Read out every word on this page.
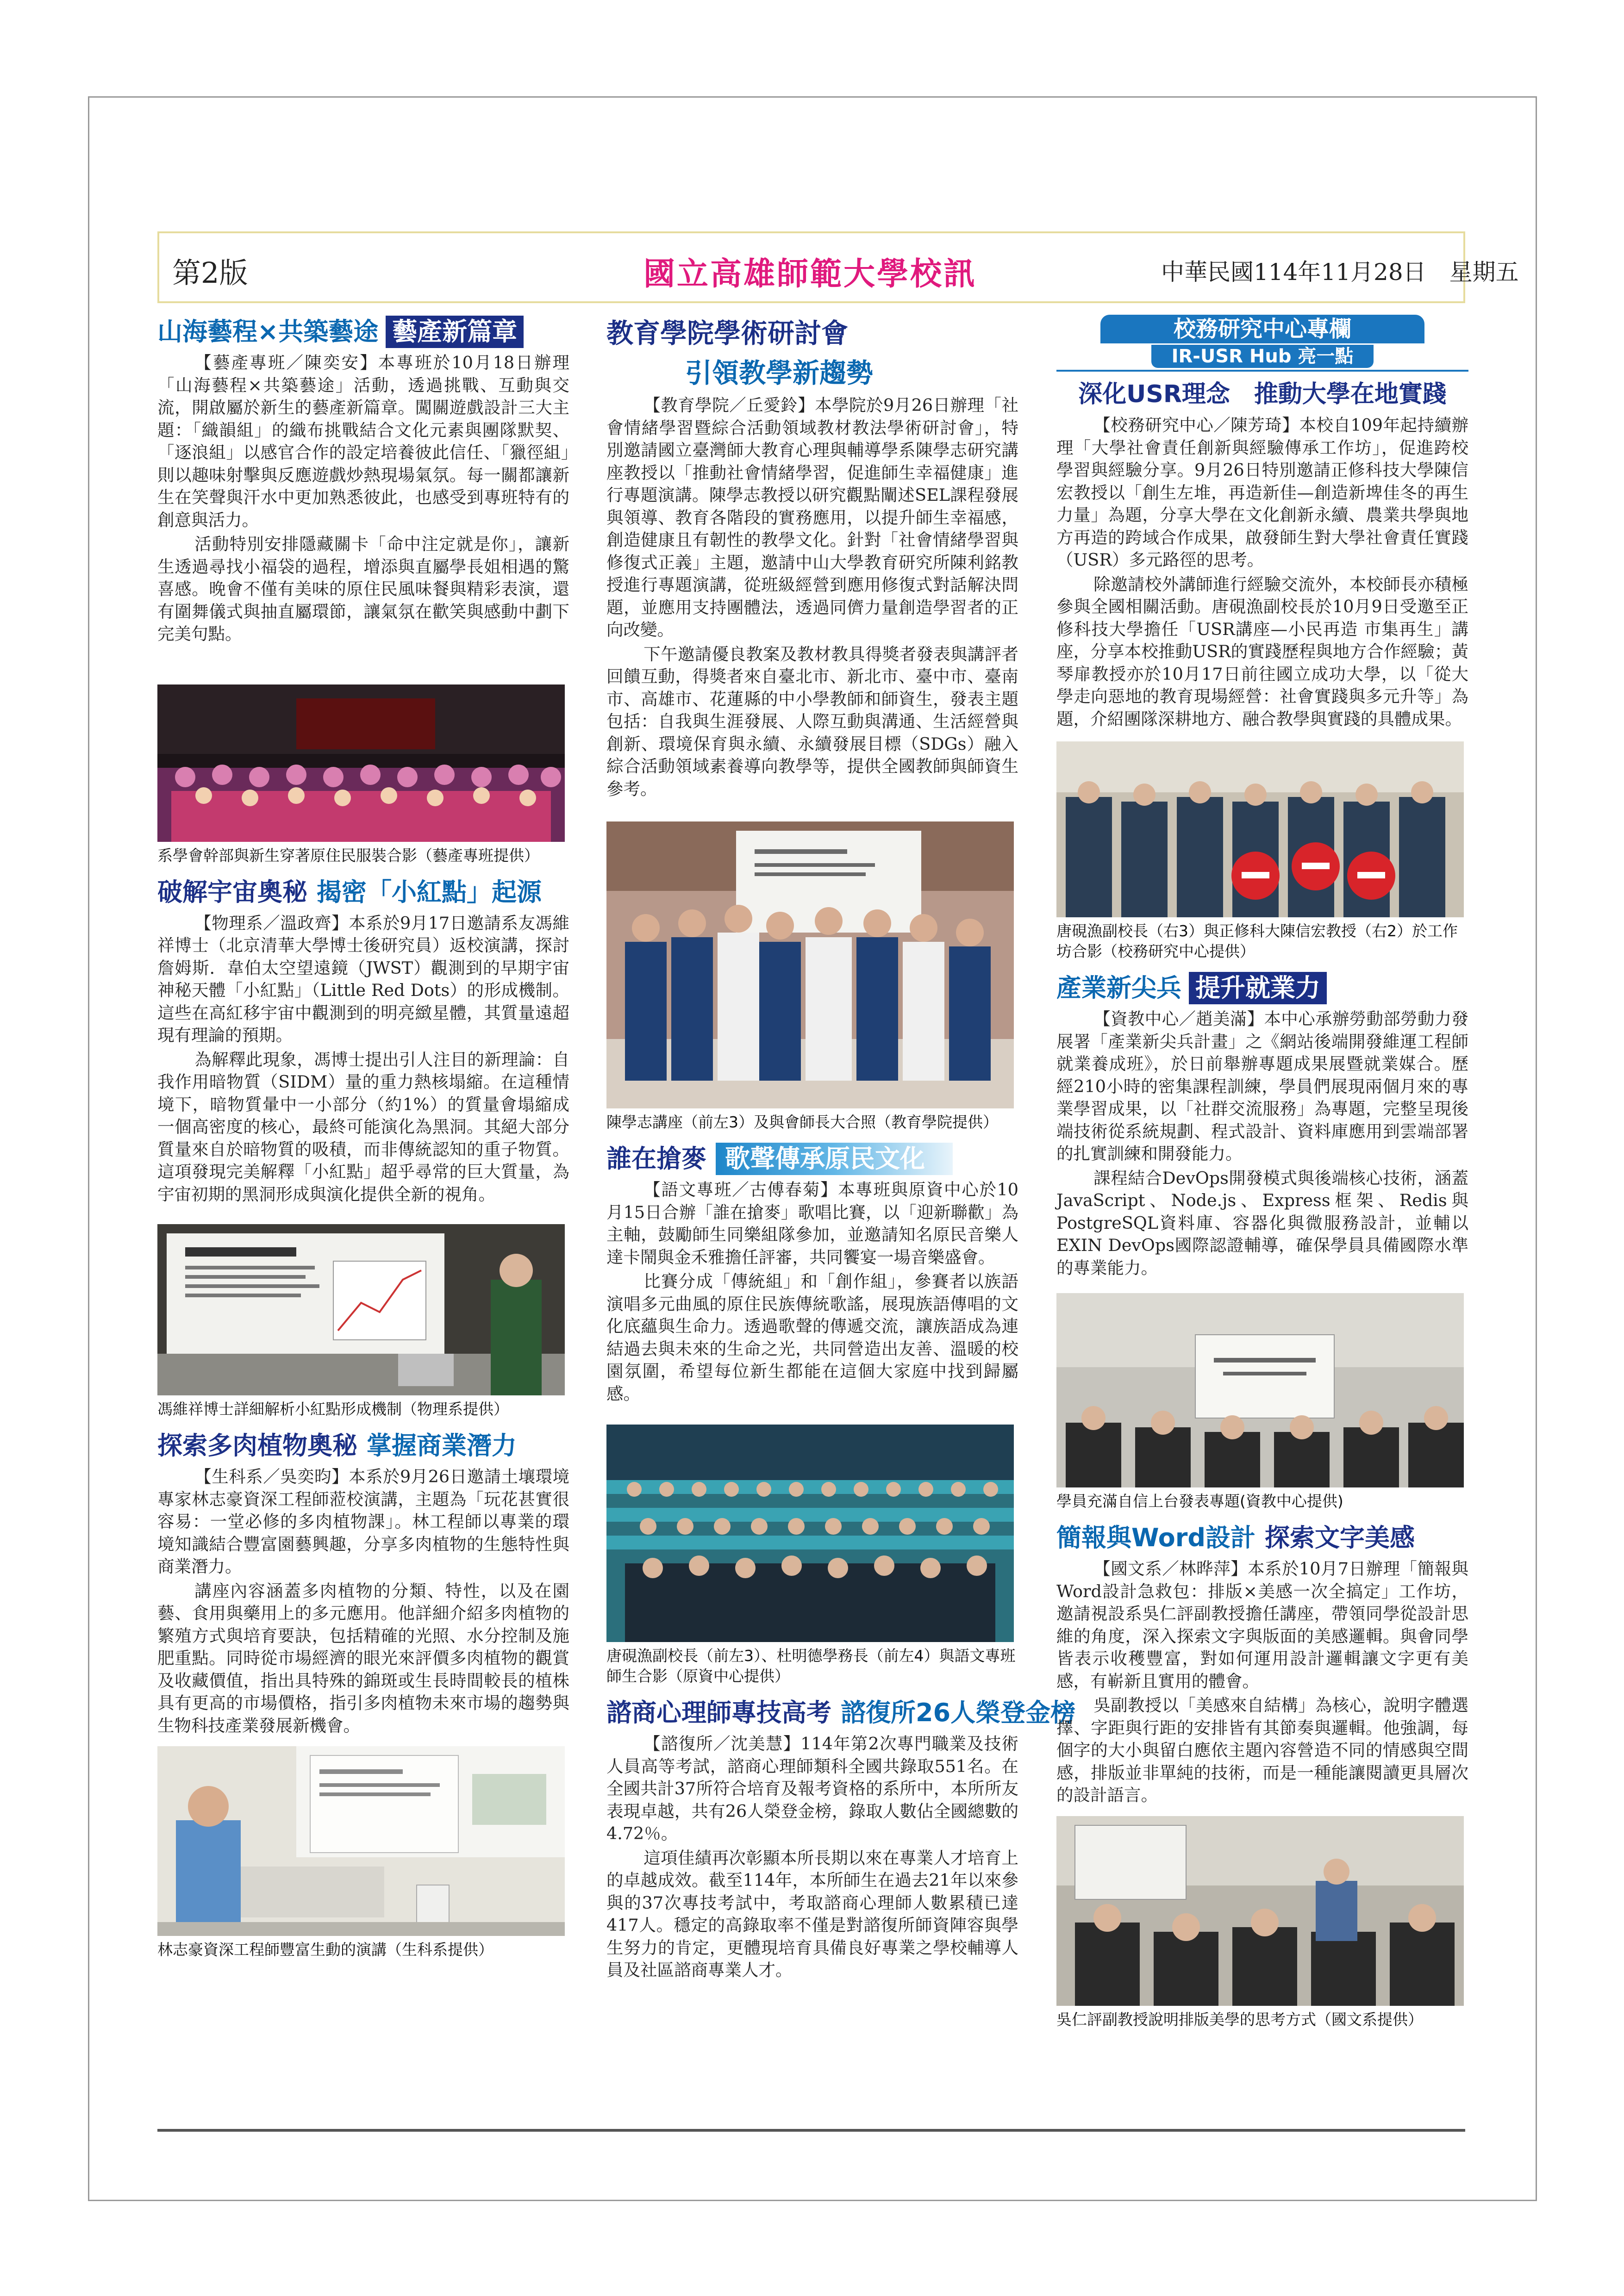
第2版	國立高雄師範大學校訊	中華民國114年11月28日　星期五
山海藝程×共築藝途 藝產新篇章

【藝產專班／陳奕安】本專班於10月18日辦理「山海藝程×共築藝途」活動，透過挑戰、互動與交流，開啟屬於新生的藝產新篇章。闖關遊戲設計三大主題：「織韻組」的織布挑戰結合文化元素與團隊默契、「逐浪組」以感官合作的設定培養彼此信任、「獵徑組」則以趣味射擊與反應遊戲炒熱現場氣氛。每一關都讓新生在笑聲與汗水中更加熟悉彼此，也感受到專班特有的創意與活力。

活動特別安排隱藏關卡「命中注定就是你」，讓新生透過尋找小福袋的過程，增添與直屬學長姐相遇的驚喜感。晚會不僅有美味的原住民風味餐與精彩表演，還有圍舞儀式與抽直屬環節，讓氣氛在歡笑與感動中劃下完美句點。

系學會幹部與新生穿著原住民服裝合影（藝產專班提供）
破解宇宙奧秘 揭密「小紅點」起源

【物理系／溫政齊】本系於9月17日邀請系友馮維祥博士（北京清華大學博士後研究員）返校演講，探討詹姆斯．韋伯太空望遠鏡（JWST）觀測到的早期宇宙神秘天體「小紅點」（Little Red Dots）的形成機制。這些在高紅移宇宙中觀測到的明亮緻星體，其質量遠超現有理論的預期。

為解釋此現象，馮博士提出引人注目的新理論：自我作用暗物質（SIDM）量的重力熱核塌縮。在這種情境下，暗物質暈中一小部分（約1%）的質量會塌縮成一個高密度的核心，最終可能演化為黑洞。其絕大部分質量來自於暗物質的吸積，而非傳統認知的重子物質。這項發現完美解釋「小紅點」超乎尋常的巨大質量，為宇宙初期的黑洞形成與演化提供全新的視角。

馮維祥博士詳細解析小紅點形成機制（物理系提供）
探索多肉植物奧秘 掌握商業潛力

【生科系／吳奕昀】本系於9月26日邀請土壤環境專家林志豪資深工程師蒞校演講，主題為「玩花甚實很容易：一堂必修的多肉植物課」。林工程師以專業的環境知識結合豐富園藝興趣，分享多肉植物的生態特性與商業潛力。

講座內容涵蓋多肉植物的分類、特性，以及在園藝、食用與藥用上的多元應用。他詳細介紹多肉植物的繁殖方式與培育要訣，包括精確的光照、水分控制及施肥重點。同時從市場經濟的眼光來評價多肉植物的觀賞及收藏價值，指出具特殊的錦斑或生長時間較長的植株具有更高的市場價格，指引多肉植物未來市場的趨勢與生物科技產業發展新機會。

林志豪資深工程師豐富生動的演講（生科系提供）
教育學院學術研討會
引領教學新趨勢

【教育學院／丘愛鈴】本學院於9月26日辦理「社會情緒學習暨綜合活動領域教材教法學術研討會」，特別邀請國立臺灣師大教育心理與輔導學系陳學志研究講座教授以「推動社會情緒學習，促進師生幸福健康」進行專題演講。陳學志教授以研究觀點闡述SEL課程發展與領導、教育各階段的實務應用，以提升師生幸福感，創造健康且有韌性的教學文化。針對「社會情緒學習與修復式正義」主題，邀請中山大學教育研究所陳利銘教授進行專題演講，從班級經營到應用修復式對話解決問題，並應用支持團體法，透過同儕力量創造學習者的正向改變。

下午邀請優良教案及教材教具得獎者發表與講評者回饋互動，得獎者來自臺北市、新北市、臺中市、臺南市、高雄市、花蓮縣的中小學教師和師資生，發表主題包括：自我與生涯發展、人際互動與溝通、生活經營與創新、環境保育與永續、永續發展目標（SDGs）融入綜合活動領域素養導向教學等，提供全國教師與師資生參考。

陳學志講座（前左3）及與會師長大合照（教育學院提供）
誰在搶麥 歌聲傳承原民文化

【語文專班／古傅春菊】本專班與原資中心於10月15日合辦「誰在搶麥」歌唱比賽，以「迎新聯歡」為主軸，鼓勵師生同樂組隊參加，並邀請知名原民音樂人達卡鬧與金禾雅擔任評審，共同饗宴一場音樂盛會。

比賽分成「傳統組」和「創作組」，參賽者以族語演唱多元曲風的原住民族傳統歌謠，展現族語傳唱的文化底蘊與生命力。透過歌聲的傳遞交流，讓族語成為連結過去與未來的生命之光，共同營造出友善、溫暖的校園氛圍，希望每位新生都能在這個大家庭中找到歸屬感。

唐硯漁副校長（前左3）、杜明德學務長（前左4）與語文專班師生合影（原資中心提供）
諮商心理師專技高考 諮復所26人榮登金榜

【諮復所／沈美慧】114年第2次專門職業及技術人員高等考試，諮商心理師類科全國共錄取551名。在全國共計37所符合培育及報考資格的系所中，本所所友表現卓越，共有26人榮登金榜，錄取人數佔全國總數的4.72％。

這項佳績再次彰顯本所長期以來在專業人才培育上的卓越成效。截至114年，本所師生在過去21年以來參與的37次專技考試中，考取諮商心理師人數累積已達417人。穩定的高錄取率不僅是對諮復所師資陣容與學生努力的肯定，更體現培育具備良好專業之學校輔導人員及社區諮商專業人才。

校務研究中心專欄
IR-USR Hub 亮一點
深化USR理念　推動大學在地實踐

【校務研究中心／陳芳琦】本校自109年起持續辦理「大學社會責任創新與經驗傳承工作坊」，促進跨校學習與經驗分享。9月26日特別邀請正修科技大學陳信宏教授以「創生左堆，再造新佳—創造新埤佳冬的再生力量」為題，分享大學在文化創新永續、農業共學與地方再造的跨域合作成果，啟發師生對大學社會責任實踐（USR）多元路徑的思考。

除邀請校外講師進行經驗交流外，本校師長亦積極參與全國相關活動。唐硯漁副校長於10月9日受邀至正修科技大學擔任「USR講座—小民再造 市集再生」講座，分享本校推動USR的實踐歷程與地方合作經驗；黃琴扉教授亦於10月17日前往國立成功大學，以「從大學走向惡地的教育現場經營：社會實踐與多元升等」為題，介紹團隊深耕地方、融合教學與實踐的具體成果。

唐硯漁副校長（右3）與正修科大陳信宏教授（右2）於工作坊合影（校務研究中心提供）
產業新尖兵 提升就業力

【資教中心／趙美滿】本中心承辦勞動部勞動力發展署「產業新尖兵計畫」之《網站後端開發維運工程師就業養成班》，於日前舉辦專題成果展暨就業媒合。歷經210小時的密集課程訓練，學員們展現兩個月來的專業學習成果，以「社群交流服務」為專題，完整呈現後端技術從系統規劃、程式設計、資料庫應用到雲端部署的扎實訓練和開發能力。

課程結合DevOps開發模式與後端核心技術，涵蓋JavaScript、Node.js、Express框架、Redis與PostgreSQL資料庫、容器化與微服務設計，並輔以EXIN DevOps國際認證輔導，確保學員具備國際水準的專業能力。

學員充滿自信上台發表專題(資教中心提供)
簡報與Word設計 探索文字美感

【國文系／林晔萍】本系於10月7日辦理「簡報與Word設計急救包：排版×美感一次全搞定」工作坊，邀請視設系吳仁評副教授擔任講座，帶領同學從設計思維的角度，深入探索文字與版面的美感邏輯。與會同學皆表示收穫豐富，對如何運用設計邏輯讓文字更有美感，有嶄新且實用的體會。

吳副教授以「美感來自結構」為核心，說明字體選擇、字距與行距的安排皆有其節奏與邏輯。他強調，每個字的大小與留白應依主題內容營造不同的情感與空間感，排版並非單純的技術，而是一種能讓閱讀更具層次的設計語言。

吳仁評副教授說明排版美學的思考方式（國文系提供）
